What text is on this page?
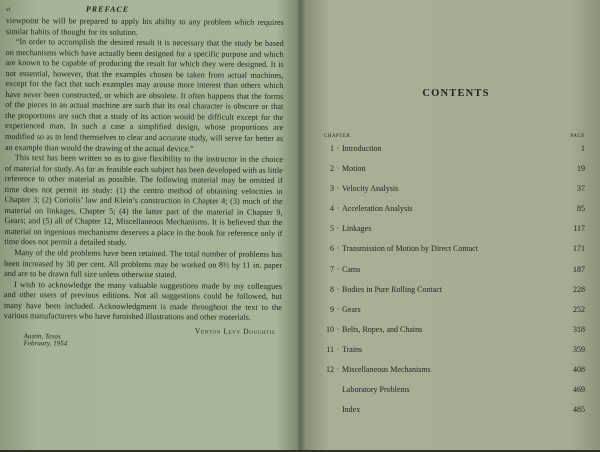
vi	PREFACE

viewpoint he will be prepared to apply his ability to any problem which requires similar habits of thought for its solution.

“In order to accomplish the desired result it is necessary that the study be based on mechanisms which have actually been designed for a specific purpose and which are known to be capable of producing the result for which they were designed. It is not essential, however, that the examples chosen be taken from actual machines, except for the fact that such examples may arouse more interest than others which have never been constructed, or which are obsolete. It often happens that the forms of the pieces in an actual machine are such that its real character is obscure or that the proportions are such that a study of its action would be difficult except for the experienced man. In such a case a simplified design, whose proportions are modified so as to lend themselves to clear and accurate study, will serve far better as an example than would the drawing of the actual device.”

This text has been written so as to give flexibility to the instructor in the choice of material for study. As far as feasible each subject has been developed with as little reference to other material as possible. The following material may be omitted if time does not permit its study: (1) the centro method of obtaining velocities in Chapter 3; (2) Coriolis’ law and Klein’s construction in Chapter 4; (3) much of the material on linkages, Chapter 5; (4) the latter part of the material in Chapter 9, Gears; and (5) all of Chapter 12, Miscellaneous Mechanisms. It is believed that the material on ingenious mechanisms deserves a place in the book for reference only if time does not permit a detailed study.

Many of the old problems have been retained. The total number of problems has been increased by 30 per cent. All problems may be worked on 8½ by 11 in. paper and are to be drawn full size unless otherwise stated.

I wish to acknowledge the many valuable suggestions made by my colleagues and other users of previous editions. Not all suggestions could be followed, but many have been included. Acknowledgment is made throughout the text to the various manufacturers who have furnished illustrations and other materials.

Venton Levy Doughtie
Austin, Texas
February, 1954
CONTENTS
CHAPTER	PAGE
1 · Introduction	1
2 · Motion	19
3 · Velocity Analysis	37
4 · Acceleration Analysis	85
5 · Linkages	117
6 · Transmission of Motion by Direct Contact	171
7 · Cams	187
8 · Bodies in Pure Rolling Contact	228
9 · Gears	252
10 · Belts, Ropes, and Chains	318
11 · Trains	359
12 · Miscellaneous Mechanisms	408
Laboratory Problems	469
Index	485
